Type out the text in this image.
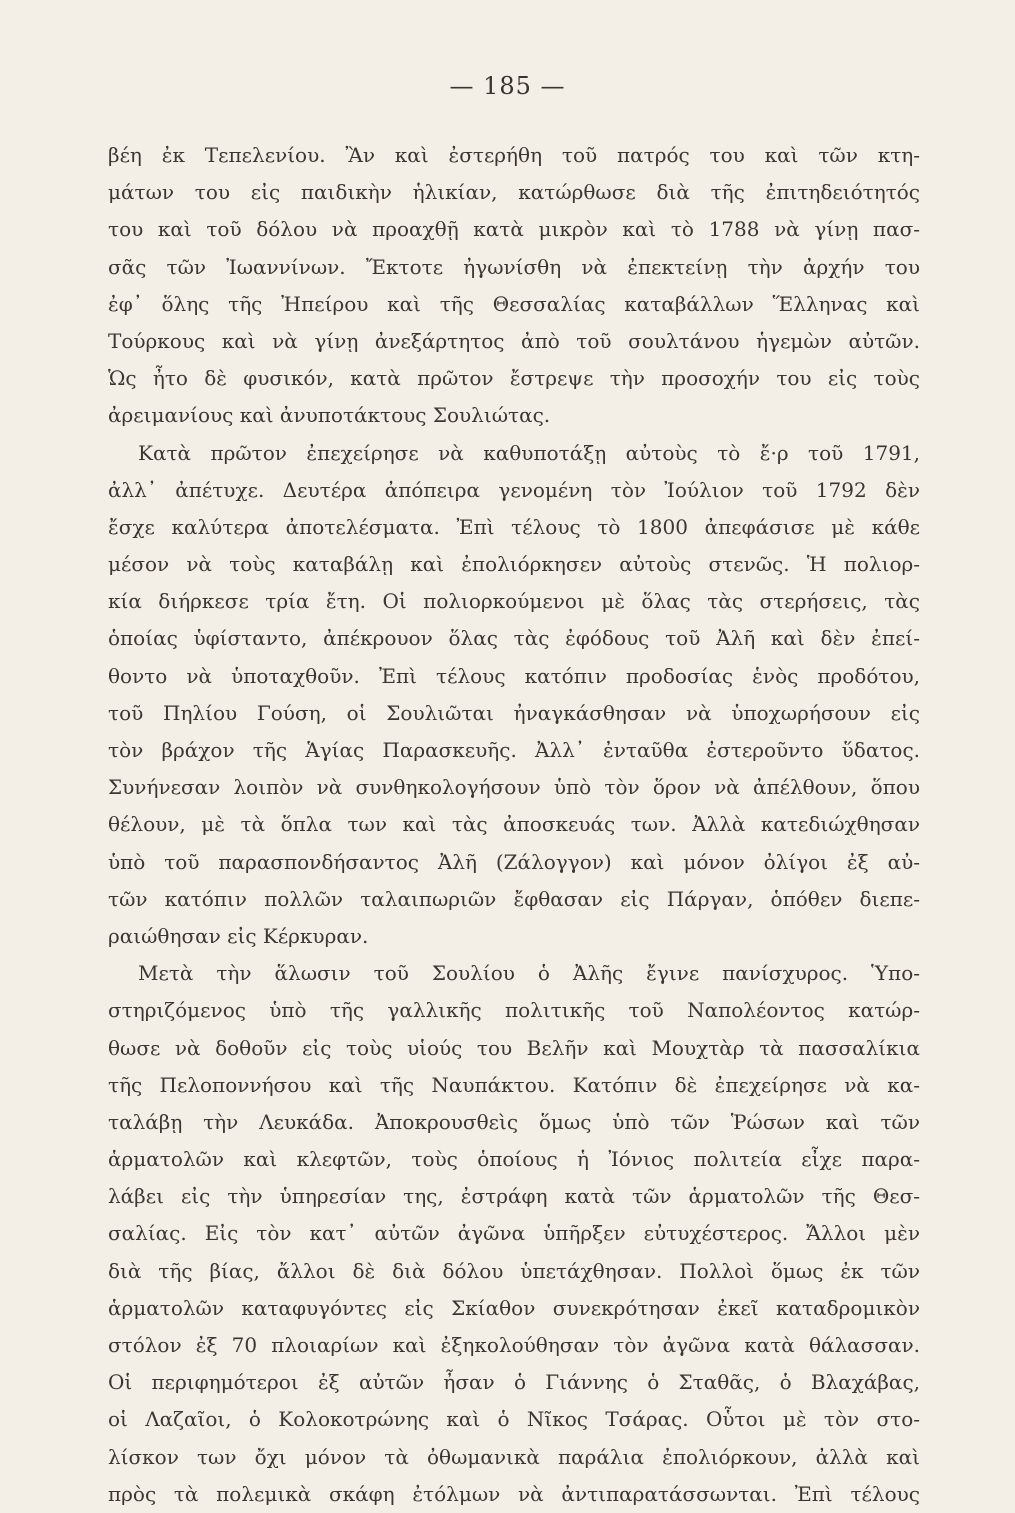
— 185 —
βέη ἐκ Τεπελενίου. Ἂν καὶ ἐστερήθη τοῦ πατρός του καὶ τῶν κτη-
μάτων του εἰς παιδικὴν ἡλικίαν, κατώρθωσε διὰ τῆς ἐπιτηδειότητός
του καὶ τοῦ δόλου νὰ προαχθῇ κατὰ μικρὸν καὶ τὸ 1788 νὰ γίνῃ πασ-
σᾶς τῶν Ἰωαννίνων. Ἔκτοτε ἠγωνίσθη νὰ ἐπεκτείνῃ τὴν ἀρχήν του
ἐφ᾽ ὅλης τῆς Ἠπείρου καὶ τῆς Θεσσαλίας καταβάλλων Ἕλληνας καὶ
Τούρκους καὶ νὰ γίνῃ ἀνεξάρτητος ἀπὸ τοῦ σουλτάνου ἡγεμὼν αὐτῶν.
Ὡς ἦτο δὲ φυσικόν, κατὰ πρῶτον ἔστρεψε τὴν προσοχήν του εἰς τοὺς
ἀρειμανίους καὶ ἀνυποτάκτους Σουλιώτας.
Κατὰ πρῶτον ἐπεχείρησε νὰ καθυποτάξῃ αὐτοὺς τὸ ἔ·ρ τοῦ 1791,
ἀλλ᾽ ἀπέτυχε. Δευτέρα ἀπόπειρα γενομένη τὸν Ἰούλιον τοῦ 1792 δὲν
ἔσχε καλύτερα ἀποτελέσματα. Ἐπὶ τέλους τὸ 1800 ἀπεφάσισε μὲ κάθε
μέσον νὰ τοὺς καταβάλῃ καὶ ἐπολιόρκησεν αὐτοὺς στενῶς. Ἡ πολιορ-
κία διήρκεσε τρία ἔτη. Οἱ πολιορκούμενοι μὲ ὅλας τὰς στερήσεις, τὰς
ὁποίας ὑφίσταντο, ἀπέκρουον ὅλας τὰς ἐφόδους τοῦ Ἀλῆ καὶ δὲν ἐπεί-
θοντο νὰ ὑποταχθοῦν. Ἐπὶ τέλους κατόπιν προδοσίας ἑνὸς προδότου,
τοῦ Πηλίου Γούση, οἱ Σουλιῶται ἠναγκάσθησαν νὰ ὑποχωρήσουν εἰς
τὸν βράχον τῆς Ἁγίας Παρασκευῆς. Ἀλλ᾽ ἐνταῦθα ἐστεροῦντο ὕδατος.
Συνήνεσαν λοιπὸν νὰ συνθηκολογήσουν ὑπὸ τὸν ὅρον νὰ ἀπέλθουν, ὅπου
θέλουν, μὲ τὰ ὅπλα των καὶ τὰς ἀποσκευάς των. Ἀλλὰ κατεδιώχθησαν
ὑπὸ τοῦ παρασπονδήσαντος Ἀλῆ (Ζάλογγον) καὶ μόνον ὀλίγοι ἐξ αὐ-
τῶν κατόπιν πολλῶν ταλαιπωριῶν ἔφθασαν εἰς Πάργαν, ὁπόθεν διεπε-
ραιώθησαν εἰς Κέρκυραν.
Μετὰ τὴν ἅλωσιν τοῦ Σουλίου ὁ Ἀλῆς ἔγινε πανίσχυρος. Ὑπο-
στηριζόμενος ὑπὸ τῆς γαλλικῆς πολιτικῆς τοῦ Ναπολέοντος κατώρ-
θωσε νὰ δοθοῦν εἰς τοὺς υἱούς του Βελῆν καὶ Μουχτὰρ τὰ πασσαλίκια
τῆς Πελοποννήσου καὶ τῆς Ναυπάκτου. Κατόπιν δὲ ἐπεχείρησε νὰ κα-
ταλάβῃ τὴν Λευκάδα. Ἀποκρουσθεὶς ὅμως ὑπὸ τῶν Ῥώσων καὶ τῶν
ἁρματολῶν καὶ κλεφτῶν, τοὺς ὁποίους ἡ Ἰόνιος πολιτεία εἶχε παρα-
λάβει εἰς τὴν ὑπηρεσίαν της, ἐστράφη κατὰ τῶν ἁρματολῶν τῆς Θεσ-
σαλίας. Εἰς τὸν κατ᾽ αὐτῶν ἀγῶνα ὑπῆρξεν εὐτυχέστερος. Ἄλλοι μὲν
διὰ τῆς βίας, ἄλλοι δὲ διὰ δόλου ὑπετάχθησαν. Πολλοὶ ὅμως ἐκ τῶν
ἁρματολῶν καταφυγόντες εἰς Σκίαθον συνεκρότησαν ἐκεῖ καταδρομικὸν
στόλον ἐξ 70 πλοιαρίων καὶ ἐξηκολούθησαν τὸν ἀγῶνα κατὰ θάλασσαν.
Οἱ περιφημότεροι ἐξ αὐτῶν ἦσαν ὁ Γιάννης ὁ Σταθᾶς, ὁ Βλαχάβας,
οἱ Λαζαῖοι, ὁ Κολοκοτρώνης καὶ ὁ Νῖκος Τσάρας. Οὗτοι μὲ τὸν στο-
λίσκον των ὄχι μόνον τὰ ὀθωμανικὰ παράλια ἐπολιόρκουν, ἀλλὰ καὶ
πρὸς τὰ πολεμικὰ σκάφη ἐτόλμων νὰ ἀντιπαρατάσσωνται. Ἐπὶ τέλους
